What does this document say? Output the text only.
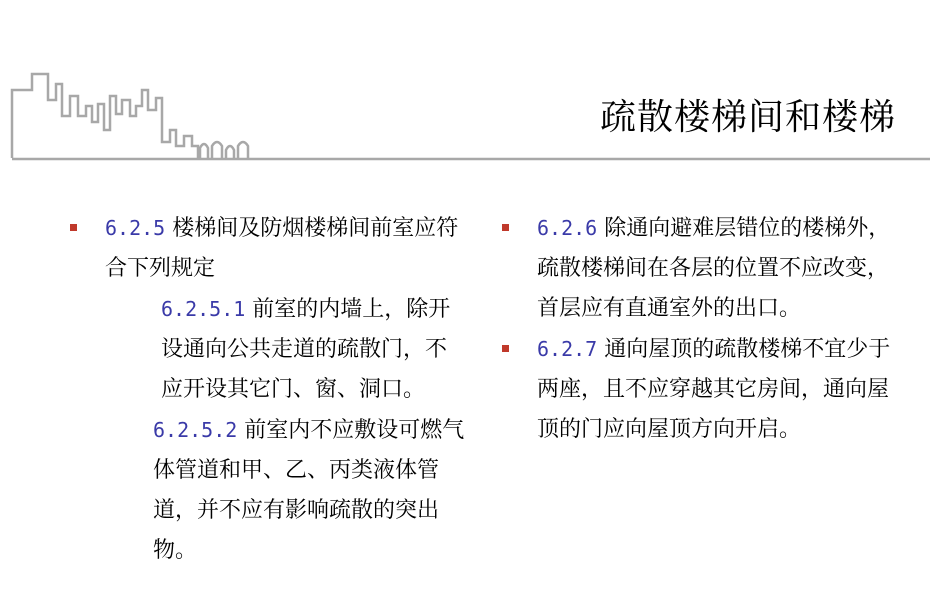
疏散楼梯间和楼梯
6.2.5 楼梯间及防烟楼梯间前室应符合下列规定
6.2.5.1 前室的内墙上，除开设通向公共走道的疏散门，不应开设其它门、窗、洞口。
6.2.5.2 前室内不应敷设可燃气体管道和甲、乙、丙类液体管道，并不应有影响疏散的突出物。
6.2.6 除通向避难层错位的楼梯外，疏散楼梯间在各层的位置不应改变，首层应有直通室外的出口。
6.2.7 通向屋顶的疏散楼梯不宜少于两座，且不应穿越其它房间，通向屋顶的门应向屋顶方向开启。
